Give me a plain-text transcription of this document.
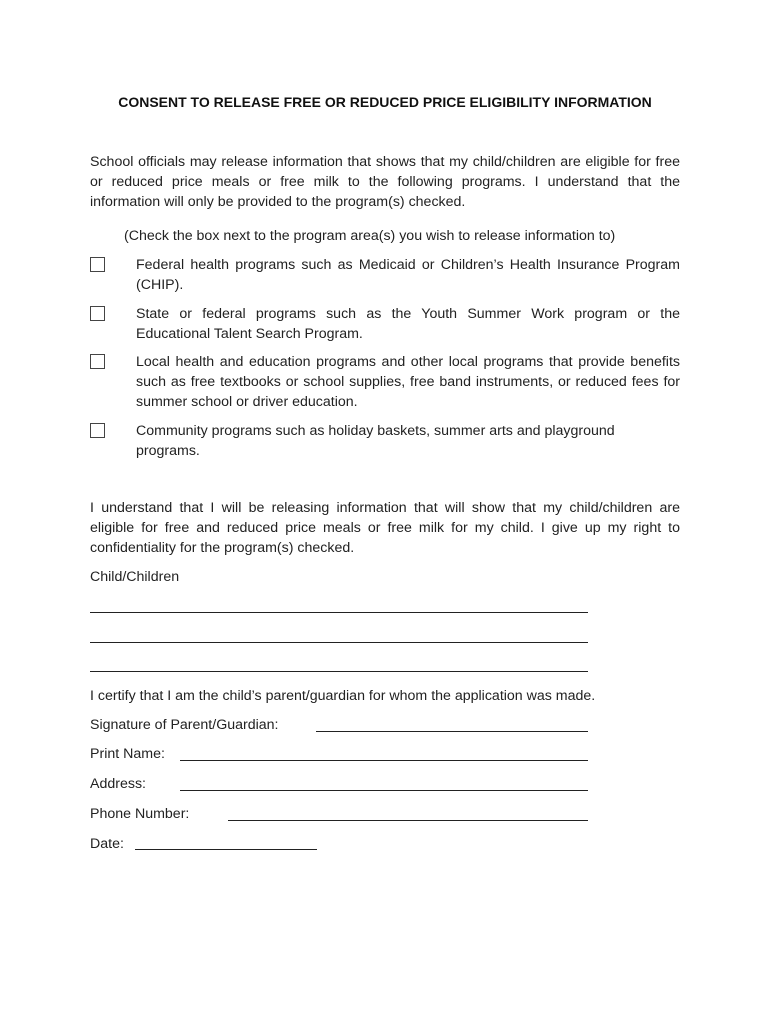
CONSENT TO RELEASE FREE OR REDUCED PRICE ELIGIBILITY INFORMATION
School officials may release information that shows that my child/children are eligible for free or reduced price meals or free milk to the following programs. I understand that the information will only be provided to the program(s) checked.
(Check the box next to the program area(s) you wish to release information to)
Federal health programs such as Medicaid or Children’s Health Insurance Program (CHIP).
State or federal programs such as the Youth Summer Work program or the Educational Talent Search Program.
Local health and education programs and other local programs that provide benefits such as free textbooks or school supplies, free band instruments, or reduced fees for summer school or driver education.
Community programs such as holiday baskets, summer arts and playground programs.
I understand that I will be releasing information that will show that my child/children are eligible for free and reduced price meals or free milk for my child. I give up my right to confidentiality for the program(s) checked.
Child/Children
I certify that I am the child’s parent/guardian for whom the application was made.
Signature of Parent/Guardian:
Print Name:
Address:
Phone Number:
Date:
